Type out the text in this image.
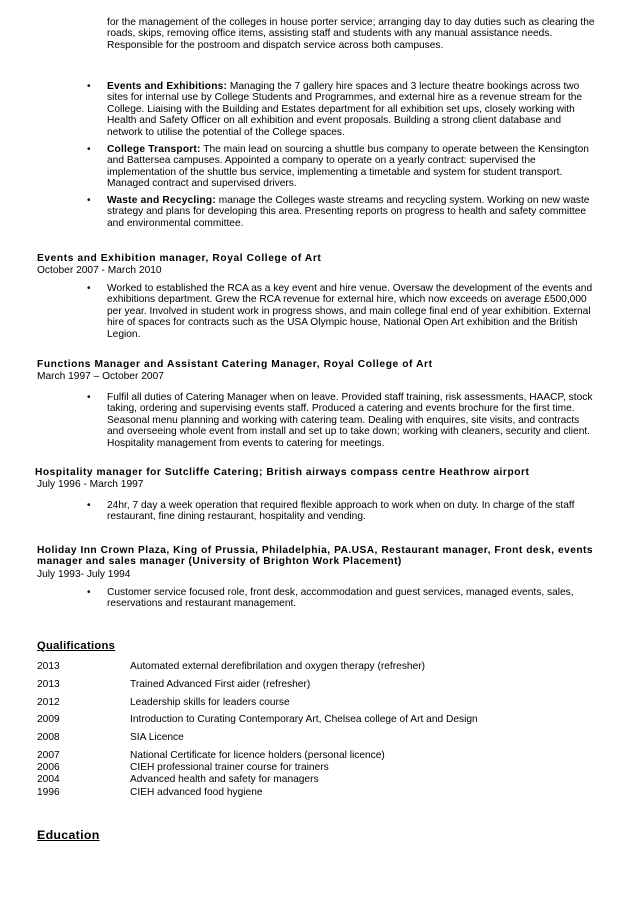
for the management of the colleges in house porter service; arranging day to day duties such as clearing the roads, skips, removing office items, assisting staff and students with any manual assistance needs. Responsible for the postroom and dispatch service across both campuses.

• Events and Exhibitions: Managing the 7 gallery hire spaces and 3 lecture theatre bookings across two sites for internal use by College Students and Programmes, and external hire as a revenue stream for the College. Liaising with the Building and Estates department for all exhibition set ups, closely working with Health and Safety Officer on all exhibition and event proposals. Building a strong client database and network to utilise the potential of the College spaces.

• College Transport: The main lead on sourcing a shuttle bus company to operate between the Kensington and Battersea campuses. Appointed a company to operate on a yearly contract: supervised the implementation of the shuttle bus service, implementing a timetable and system for student transport. Managed contract and supervised drivers.

• Waste and Recycling: manage the Colleges waste streams and recycling system. Working on new waste strategy and plans for developing this area. Presenting reports on progress to health and safety committee and environmental committee.

Events and Exhibition manager, Royal College of Art

October 2007 - March 2010

• Worked to established the RCA as a key event and hire venue. Oversaw the development of the events and exhibitions department. Grew the RCA revenue for external hire, which now exceeds on average £500,000 per year. Involved in student work in progress shows, and main college final end of year exhibition. External hire of spaces for contracts such as the USA Olympic house, National Open Art exhibition and the British Legion.

Functions Manager and Assistant Catering Manager, Royal College of Art

March 1997 – October 2007

• Fulfil all duties of Catering Manager when on leave. Provided staff training, risk assessments, HAACP, stock taking, ordering and supervising events staff. Produced a catering and events brochure for the first time. Seasonal menu planning and working with catering team. Dealing with enquires, site visits, and contracts and overseeing whole event from install and set up to take down; working with cleaners, security and client. Hospitality management from events to catering for meetings.

Hospitality manager for Sutcliffe Catering; British airways compass centre Heathrow airport

July 1996 - March 1997

• 24hr, 7 day a week operation that required flexible approach to work when on duty. In charge of the staff restaurant, fine dining restaurant, hospitality and vending.

Holiday Inn Crown Plaza, King of Prussia, Philadelphia, PA.USA, Restaurant manager, Front desk, events manager and sales manager (University of Brighton Work Placement)

July 1993- July 1994

• Customer service focused role, front desk, accommodation and guest services, managed events, sales, reservations and restaurant management.

Qualifications

2013	Automated external derefibrilation and oxygen therapy (refresher)
2013	Trained Advanced First aider (refresher)
2012	Leadership skills for leaders course
2009	Introduction to Curating Contemporary Art, Chelsea college of Art and Design
2008	SIA Licence
2007	National Certificate for licence holders (personal licence)
2006	CIEH professional trainer course for trainers
2004	Advanced health and safety for managers
1996	CIEH advanced food hygiene

Education
